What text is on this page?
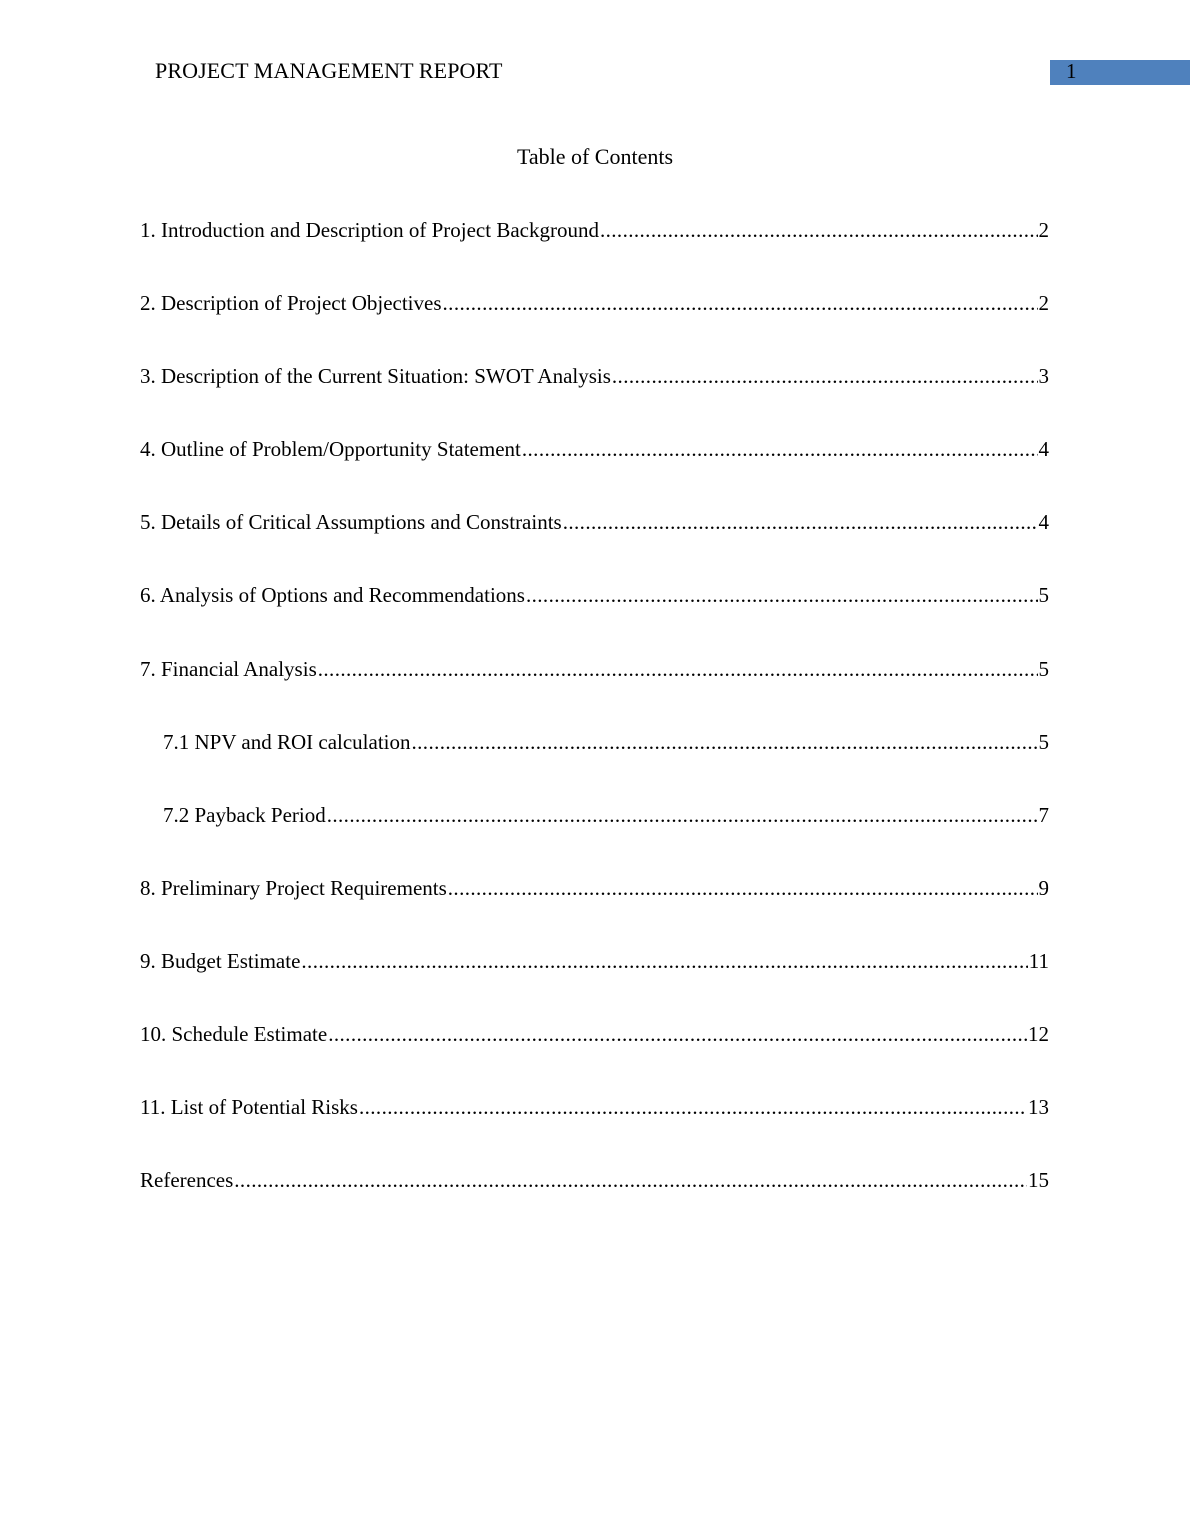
PROJECT MANAGEMENT REPORT	1
Table of Contents
1. Introduction and Description of Project Background .....	2
2. Description of Project Objectives .....	2
3. Description of the Current Situation: SWOT Analysis .....	3
4. Outline of Problem/Opportunity Statement .....	4
5. Details of Critical Assumptions and Constraints .....	4
6. Analysis of Options and Recommendations .....	5
7. Financial Analysis .....	5
7.1 NPV and ROI calculation .....	5
7.2 Payback Period .....	7
8. Preliminary Project Requirements .....	9
9. Budget Estimate .....	11
10. Schedule Estimate .....	12
11. List of Potential Risks .....	13
References .....	15
